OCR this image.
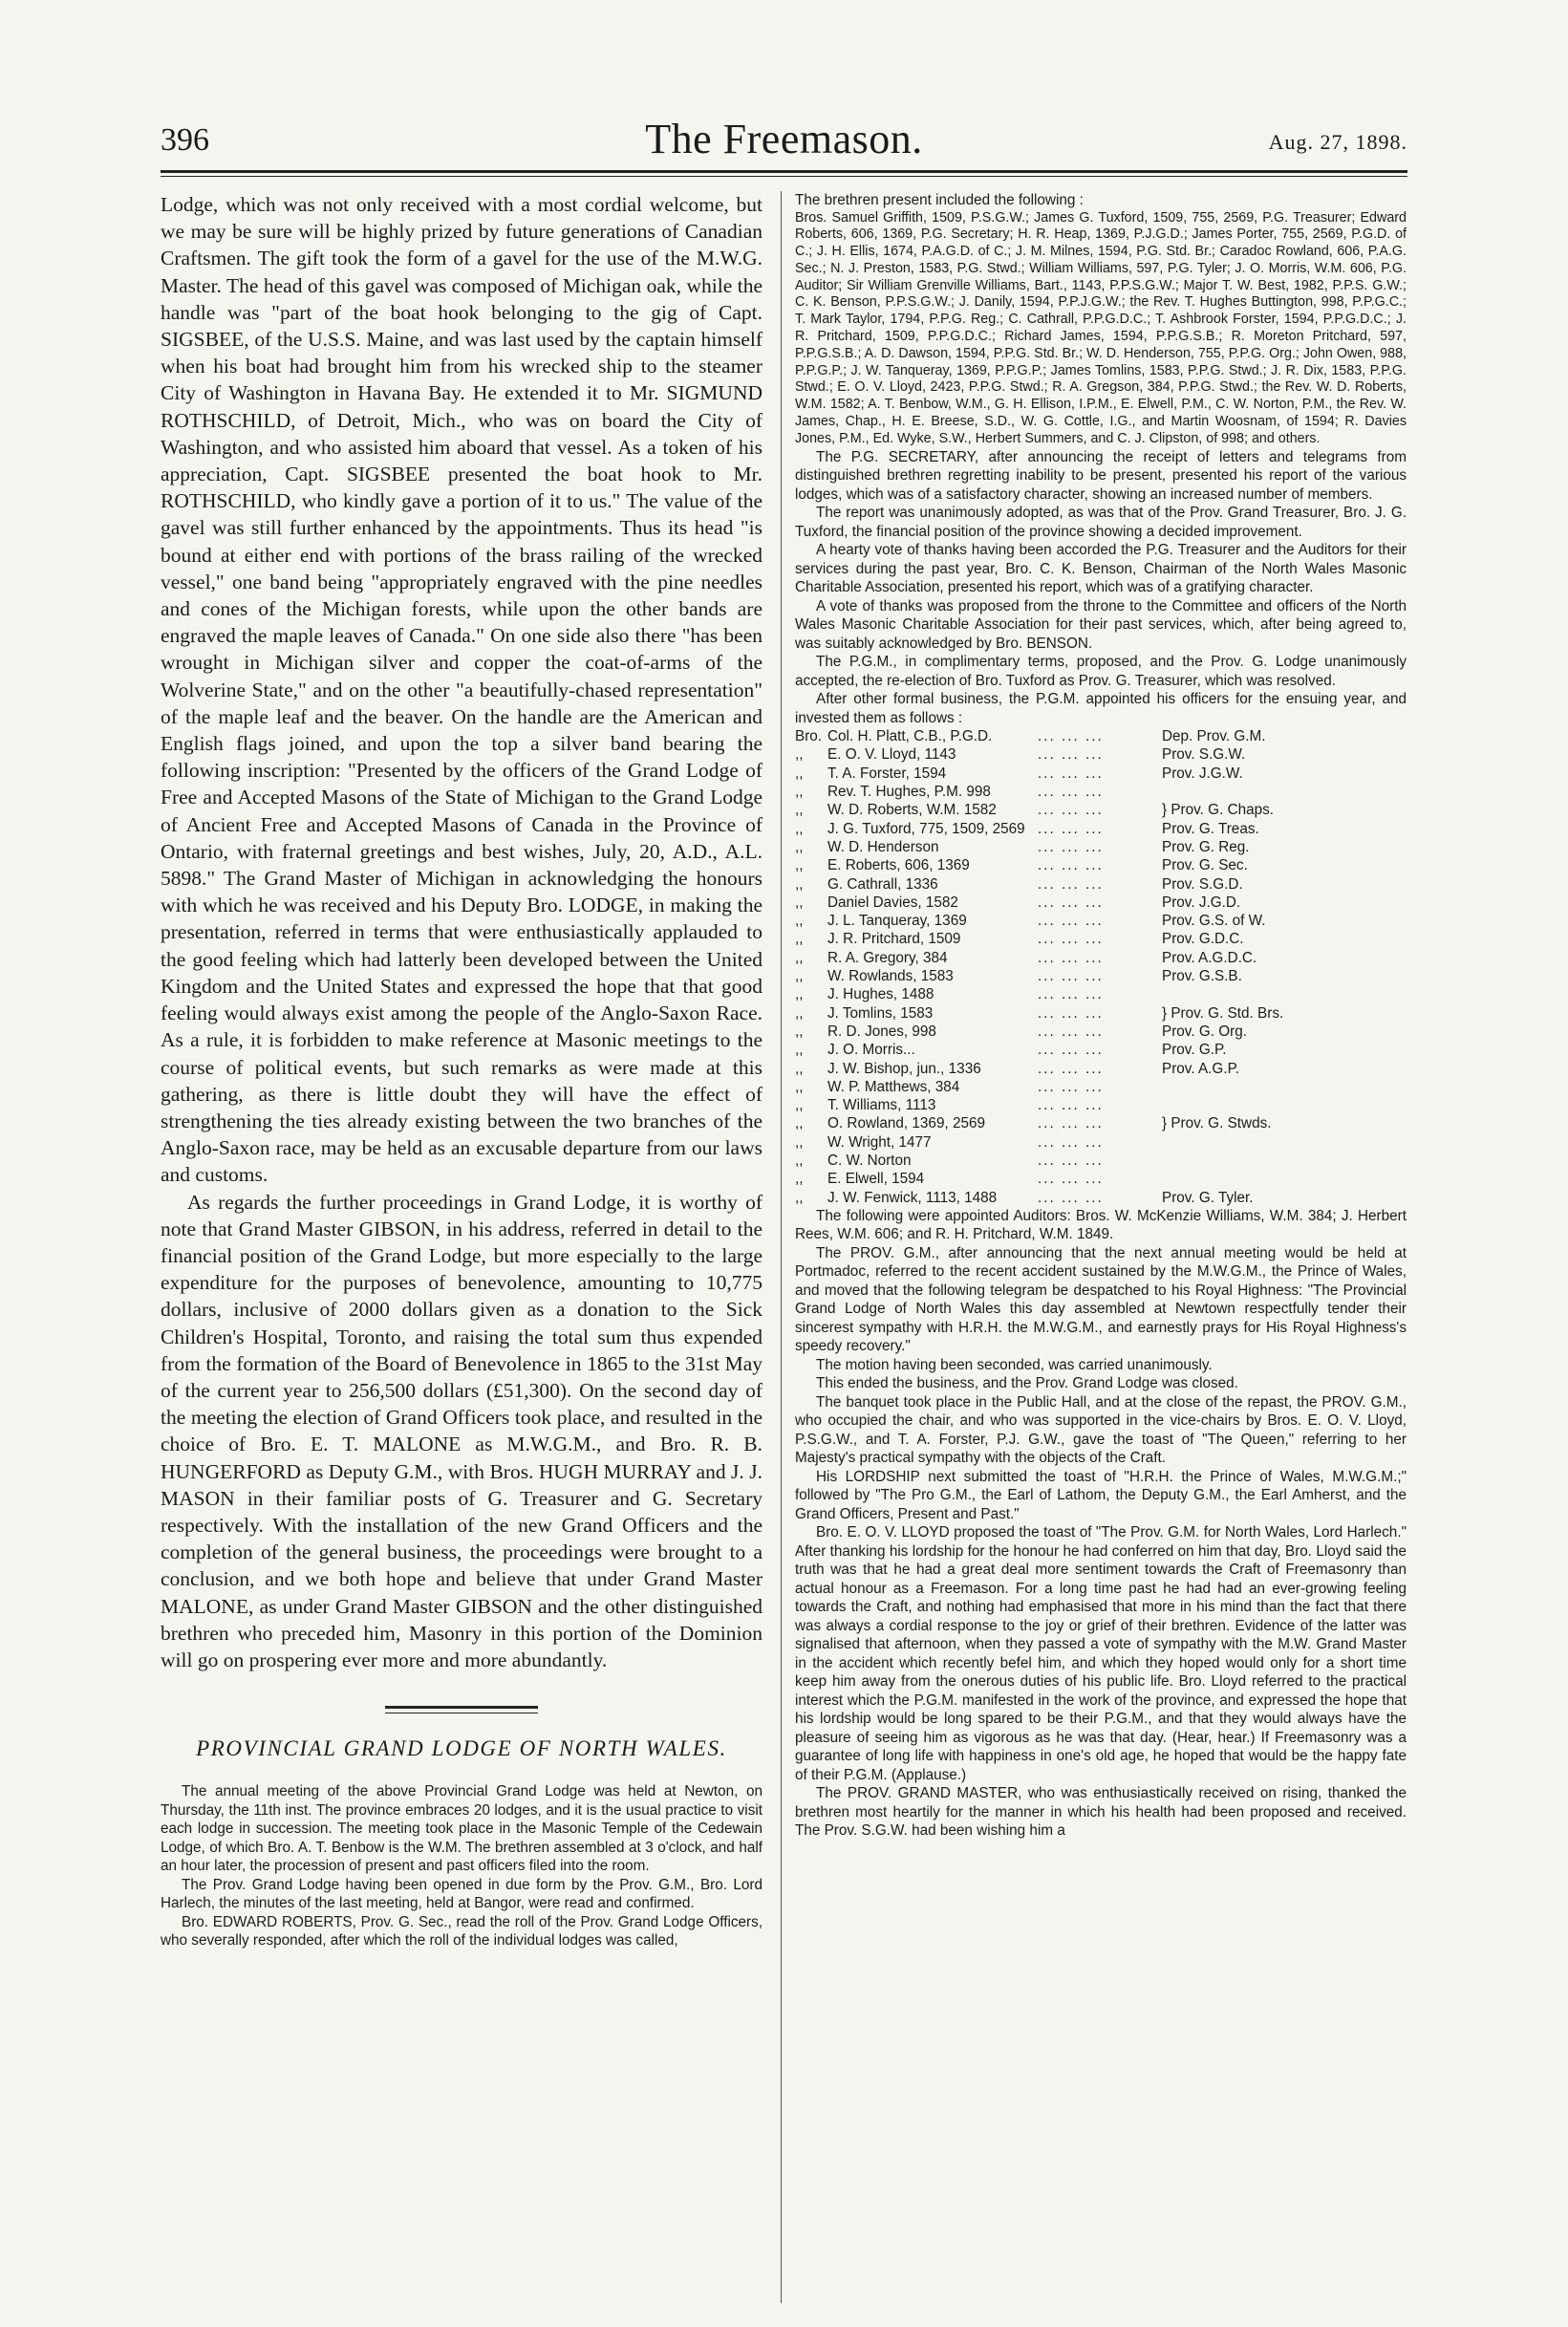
396	The Freemason.	Aug. 27, 1898.

Lodge, which was not only received with a most cordial welcome, but we may be sure will be highly prized by future generations of Canadian Craftsmen. The gift took the form of a gavel for the use of the M.W.G. Master. The head of this gavel was composed of Michigan oak, while the handle was "part of the boat hook belonging to the gig of Capt. SIGSBEE, of the U.S.S. Maine, and was last used by the captain himself when his boat had brought him from his wrecked ship to the steamer City of Washington in Havana Bay. He extended it to Mr. SIGMUND ROTHSCHILD, of Detroit, Mich., who was on board the City of Washington, and who assisted him aboard that vessel. As a token of his appreciation, Capt. SIGSBEE presented the boat hook to Mr. ROTHSCHILD, who kindly gave a portion of it to us." The value of the gavel was still further enhanced by the appointments. Thus its head "is bound at either end with portions of the brass railing of the wrecked vessel," one band being "appropriately engraved with the pine needles and cones of the Michigan forests, while upon the other bands are engraved the maple leaves of Canada." On one side also there "has been wrought in Michigan silver and copper the coat-of-arms of the Wolverine State," and on the other "a beautifully-chased representation" of the maple leaf and the beaver. On the handle are the American and English flags joined, and upon the top a silver band bearing the following inscription: "Presented by the officers of the Grand Lodge of Free and Accepted Masons of the State of Michigan to the Grand Lodge of Ancient Free and Accepted Masons of Canada in the Province of Ontario, with fraternal greetings and best wishes, July, 20, A.D., A.L. 5898." The Grand Master of Michigan in acknowledging the honours with which he was received and his Deputy Bro. LODGE, in making the presentation, referred in terms that were enthusiastically applauded to the good feeling which had latterly been developed between the United Kingdom and the United States and expressed the hope that that good feeling would always exist among the people of the Anglo-Saxon Race. As a rule, it is forbidden to make reference at Masonic meetings to the course of political events, but such remarks as were made at this gathering, as there is little doubt they will have the effect of strengthening the ties already existing between the two branches of the Anglo-Saxon race, may be held as an excusable departure from our laws and customs.

As regards the further proceedings in Grand Lodge, it is worthy of note that Grand Master GIBSON, in his address, referred in detail to the financial position of the Grand Lodge, but more especially to the large expenditure for the purposes of benevolence, amounting to 10,775 dollars, inclusive of 2000 dollars given as a donation to the Sick Children's Hospital, Toronto, and raising the total sum thus expended from the formation of the Board of Benevolence in 1865 to the 31st May of the current year to 256,500 dollars (£51,300). On the second day of the meeting the election of Grand Officers took place, and resulted in the choice of Bro. E. T. MALONE as M.W.G.M., and Bro. R. B. HUNGERFORD as Deputy G.M., with Bros. HUGH MURRAY and J. J. MASON in their familiar posts of G. Treasurer and G. Secretary respectively. With the installation of the new Grand Officers and the completion of the general business, the proceedings were brought to a conclusion, and we both hope and believe that under Grand Master MALONE, as under Grand Master GIBSON and the other distinguished brethren who preceded him, Masonry in this portion of the Dominion will go on prospering ever more and more abundantly.

PROVINCIAL GRAND LODGE OF NORTH WALES.

The annual meeting of the above Provincial Grand Lodge was held at Newton, on Thursday, the 11th inst. The province embraces 20 lodges, and it is the usual practice to visit each lodge in succession. The meeting took place in the Masonic Temple of the Cedewain Lodge, of which Bro. A. T. Benbow is the W.M. The brethren assembled at 3 o'clock, and half an hour later, the procession of present and past officers filed into the room.

The Prov. Grand Lodge having been opened in due form by the Prov. G.M., Bro. Lord Harlech, the minutes of the last meeting, held at Bangor, were read and confirmed.

Bro. EDWARD ROBERTS, Prov. G. Sec., read the roll of the Prov. Grand Lodge Officers, who severally responded, after which the roll of the individual lodges was called,

The brethren present included the following :

Bros. Samuel Griffith, 1509, P.S.G.W.; James G. Tuxford, 1509, 755, 2569, P.G. Treasurer; Edward Roberts, 606, 1369, P.G. Secretary; H. R. Heap, 1369, P.J.G.D.; James Porter, 755, 2569, P.G.D. of C.; J. H. Ellis, 1674, P.A.G.D. of C.; J. M. Milnes, 1594, P.G. Std. Br.; Caradoc Rowland, 606, P.A.G. Sec.; N. J. Preston, 1583, P.G. Stwd.; William Williams, 597, P.G. Tyler; J. O. Morris, W.M. 606, P.G. Auditor; Sir William Grenville Williams, Bart., 1143, P.P.S.G.W.; Major T. W. Best, 1982, P.P.S. G.W.; C. K. Benson, P.P.S.G.W.; J. Danily, 1594, P.P.J.G.W.; the Rev. T. Hughes Buttington, 998, P.P.G.C.; T. Mark Taylor, 1794, P.P.G. Reg.; C. Cathrall, P.P.G.D.C.; T. Ashbrook Forster, 1594, P.P.G.D.C.; J. R. Pritchard, 1509, P.P.G.D.C.; Richard James, 1594, P.P.G.S.B.; R. Moreton Pritchard, 597, P.P.G.S.B.; A. D. Dawson, 1594, P.P.G. Std. Br.; W. D. Henderson, 755, P.P.G. Org.; John Owen, 988, P.P.G.P.; J. W. Tanqueray, 1369, P.P.G.P.; James Tomlins, 1583, P.P.G. Stwd.; J. R. Dix, 1583, P.P.G. Stwd.; E. O. V. Lloyd, 2423, P.P.G. Stwd.; R. A. Gregson, 384, P.P.G. Stwd.; the Rev. W. D. Roberts, W.M. 1582; A. T. Benbow, W.M., G. H. Ellison, I.P.M., E. Elwell, P.M., C. W. Norton, P.M., the Rev. W. James, Chap., H. E. Breese, S.D., W. G. Cottle, I.G., and Martin Woosnam, of 1594; R. Davies Jones, P.M., Ed. Wyke, S.W., Herbert Summers, and C. J. Clipston, of 998; and others.

The P.G. SECRETARY, after announcing the receipt of letters and telegrams from distinguished brethren regretting inability to be present, presented his report of the various lodges, which was of a satisfactory character, showing an increased number of members.

The report was unanimously adopted, as was that of the Prov. Grand Treasurer, Bro. J. G. Tuxford, the financial position of the province showing a decided improvement.

A hearty vote of thanks having been accorded the P.G. Treasurer and the Auditors for their services during the past year, Bro. C. K. Benson, Chairman of the North Wales Masonic Charitable Association, presented his report, which was of a gratifying character.

A vote of thanks was proposed from the throne to the Committee and officers of the North Wales Masonic Charitable Association for their past services, which, after being agreed to, was suitably acknowledged by Bro. BENSON.

The P.G.M., in complimentary terms, proposed, and the Prov. G. Lodge unanimously accepted, the re-election of Bro. Tuxford as Prov. G. Treasurer, which was resolved.

After other formal business, the P.G.M. appointed his officers for the ensuing year, and invested them as follows :

Bro.	Col. H. Platt, C.B., P.G.D.	... ... ...	Dep. Prov. G.M.
,,	E. O. V. Lloyd, 1143	... ... ...	Prov. S.G.W.
,,	T. A. Forster, 1594	... ... ...	Prov. J.G.W.
,,	Rev. T. Hughes, P.M. 998	... ... ...	
,,	W. D. Roberts, W.M. 1582	... ... ...	} Prov. G. Chaps.
,,	J. G. Tuxford, 775, 1509, 2569	... ... ...	Prov. G. Treas.
,,	W. D. Henderson	... ... ...	Prov. G. Reg.
,,	E. Roberts, 606, 1369	... ... ...	Prov. G. Sec.
,,	G. Cathrall, 1336	... ... ...	Prov. S.G.D.
,,	Daniel Davies, 1582	... ... ...	Prov. J.G.D.
,,	J. L. Tanqueray, 1369	... ... ...	Prov. G.S. of W.
,,	J. R. Pritchard, 1509	... ... ...	Prov. G.D.C.
,,	R. A. Gregory, 384	... ... ...	Prov. A.G.D.C.
,,	W. Rowlands, 1583	... ... ...	Prov. G.S.B.
,,	J. Hughes, 1488	... ... ...	
,,	J. Tomlins, 1583	... ... ...	} Prov. G. Std. Brs.
,,	R. D. Jones, 998	... ... ...	Prov. G. Org.
,,	J. O. Morris...	... ... ...	Prov. G.P.
,,	J. W. Bishop, jun., 1336	... ... ...	Prov. A.G.P.
,,	W. P. Matthews, 384	... ... ...	
,,	T. Williams, 1113	... ... ...	
,,	O. Rowland, 1369, 2569	... ... ...	} Prov. G. Stwds.
,,	W. Wright, 1477	... ... ...	
,,	C. W. Norton	... ... ...	
,,	E. Elwell, 1594	... ... ...	
,,	J. W. Fenwick, 1113, 1488	... ... ...	Prov. G. Tyler.

The following were appointed Auditors: Bros. W. McKenzie Williams, W.M. 384; J. Herbert Rees, W.M. 606; and R. H. Pritchard, W.M. 1849.

The PROV. G.M., after announcing that the next annual meeting would be held at Portmadoc, referred to the recent accident sustained by the M.W.G.M., the Prince of Wales, and moved that the following telegram be despatched to his Royal Highness: "The Provincial Grand Lodge of North Wales this day assembled at Newtown respectfully tender their sincerest sympathy with H.R.H. the M.W.G.M., and earnestly prays for His Royal Highness's speedy recovery."

The motion having been seconded, was carried unanimously.

This ended the business, and the Prov. Grand Lodge was closed.

The banquet took place in the Public Hall, and at the close of the repast, the PROV. G.M., who occupied the chair, and who was supported in the vice-chairs by Bros. E. O. V. Lloyd, P.S.G.W., and T. A. Forster, P.J. G.W., gave the toast of "The Queen," referring to her Majesty's practical sympathy with the objects of the Craft.

His LORDSHIP next submitted the toast of "H.R.H. the Prince of Wales, M.W.G.M.;" followed by "The Pro G.M., the Earl of Lathom, the Deputy G.M., the Earl Amherst, and the Grand Officers, Present and Past."

Bro. E. O. V. LLOYD proposed the toast of "The Prov. G.M. for North Wales, Lord Harlech." After thanking his lordship for the honour he had conferred on him that day, Bro. Lloyd said the truth was that he had a great deal more sentiment towards the Craft of Freemasonry than actual honour as a Freemason. For a long time past he had had an ever-growing feeling towards the Craft, and nothing had emphasised that more in his mind than the fact that there was always a cordial response to the joy or grief of their brethren. Evidence of the latter was signalised that afternoon, when they passed a vote of sympathy with the M.W. Grand Master in the accident which recently befel him, and which they hoped would only for a short time keep him away from the onerous duties of his public life. Bro. Lloyd referred to the practical interest which the P.G.M. manifested in the work of the province, and expressed the hope that his lordship would be long spared to be their P.G.M., and that they would always have the pleasure of seeing him as vigorous as he was that day. (Hear, hear.) If Freemasonry was a guarantee of long life with happiness in one's old age, he hoped that would be the happy fate of their P.G.M. (Applause.)

The PROV. GRAND MASTER, who was enthusiastically received on rising, thanked the brethren most heartily for the manner in which his health had been proposed and received. The Prov. S.G.W. had been wishing him a
